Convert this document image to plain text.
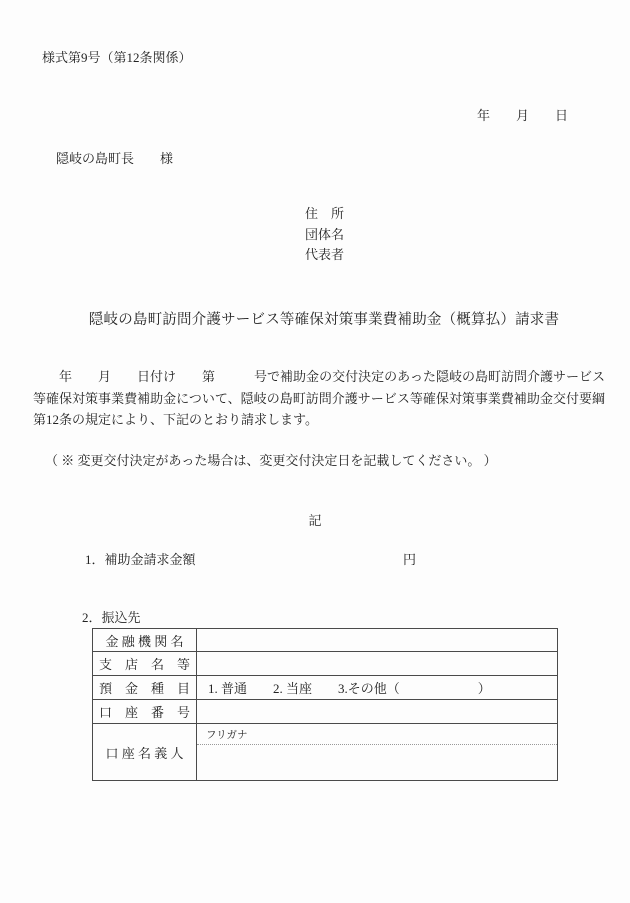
様式第9号（第12条関係）
年　　月　　日
隠岐の島町長　　様
住　所
団体名
代表者
隠岐の島町訪問介護サービス等確保対策事業費補助金（概算払）請求書
　　年　　月　　日付け　　第　　　号で補助金の交付決定のあった隠岐の島町訪問介護サービス等確保対策事業費補助金について、隠岐の島町訪問介護サービス等確保対策事業費補助金交付要綱第12条の規定により、下記のとおり請求します。
（ ※ 変更交付決定があった場合は、変更交付決定日を記載してください。 ）
記
1．補助金請求金額	円
2．振込先
金 融 機 関 名
支　店　名　等
預　金　種　目	1. 普通　　2. 当座　　3.その他（　　　　　　）
口　座　番　号
口 座 名 義 人
フリガナ
